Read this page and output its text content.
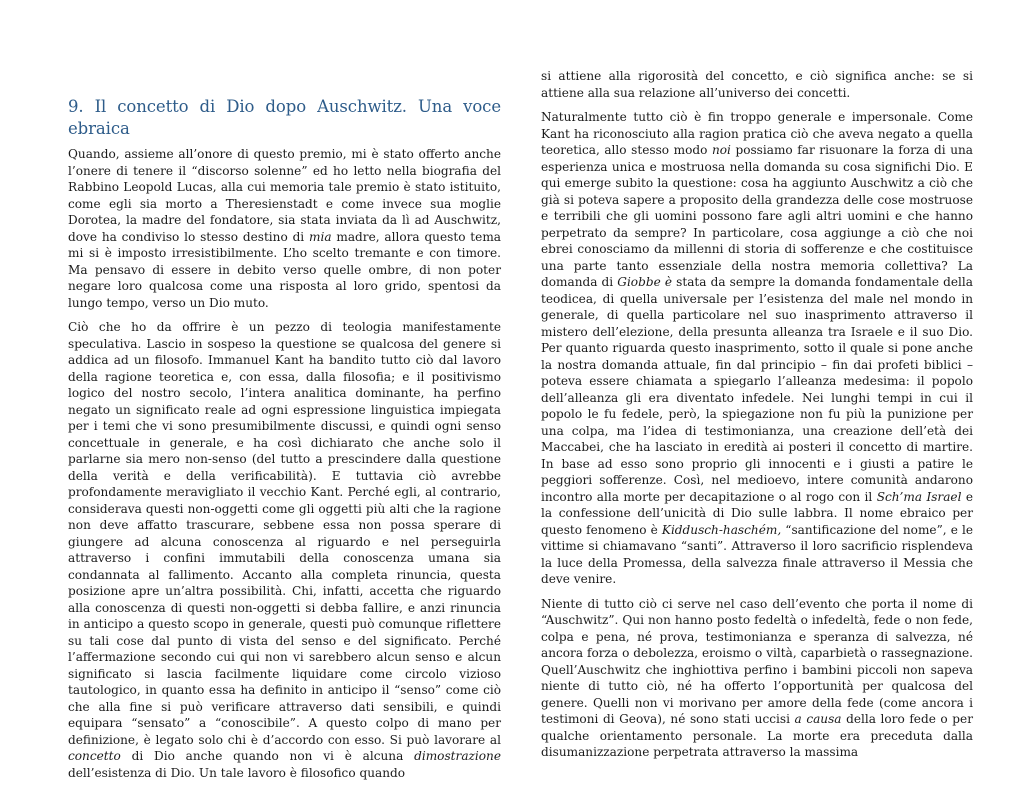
9. Il concetto di Dio dopo Auschwitz. Una voce ebraica

Quando, assieme all’onore di questo premio, mi è stato offerto anche l’onere di tenere il “discorso solenne” ed ho letto nella biografia del Rabbino Leopold Lucas, alla cui memoria tale premio è stato istituito, come egli sia morto a Theresienstadt e come invece sua moglie Dorotea, la madre del fondatore, sia stata inviata da lì ad Auschwitz, dove ha condiviso lo stesso destino di mia madre, allora questo tema mi si è imposto irresistibilmente. L’ho scelto tremante e con timore. Ma pensavo di essere in debito verso quelle ombre, di non poter negare loro qualcosa come una risposta al loro grido, spentosi da lungo tempo, verso un Dio muto.

Ciò che ho da offrire è un pezzo di teologia manifestamente speculativa. Lascio in sospeso la questione se qualcosa del genere si addica ad un filosofo. Immanuel Kant ha bandito tutto ciò dal lavoro della ragione teoretica e, con essa, dalla filosofia; e il positivismo logico del nostro secolo, l’intera analitica dominante, ha perfino negato un significato reale ad ogni espressione linguistica impiegata per i temi che vi sono presumibilmente discussi, e quindi ogni senso concettuale in generale, e ha così dichiarato che anche solo il parlarne sia mero non-senso (del tutto a prescindere dalla questione della verità e della verificabilità). E tuttavia ciò avrebbe profondamente meravigliato il vecchio Kant. Perché egli, al contrario, considerava questi non-oggetti come gli oggetti più alti che la ragione non deve affatto trascurare, sebbene essa non possa sperare di giungere ad alcuna conoscenza al riguardo e nel perseguirla attraverso i confini immutabili della conoscenza umana sia condannata al fallimento. Accanto alla completa rinuncia, questa posizione apre un’altra possibilità. Chi, infatti, accetta che riguardo alla conoscenza di questi non-oggetti si debba fallire, e anzi rinuncia in anticipo a questo scopo in generale, questi può comunque riflettere su tali cose dal punto di vista del senso e del significato. Perché l’affermazione secondo cui qui non vi sarebbero alcun senso e alcun significato si lascia facilmente liquidare come circolo vizioso tautologico, in quanto essa ha definito in anticipo il “senso” come ciò che alla fine si può verificare attraverso dati sensibili, e quindi equipara “sensato” a “conoscibile”. A questo colpo di mano per definizione, è legato solo chi è d’accordo con esso. Si può lavorare al concetto di Dio anche quando non vi è alcuna dimostrazione dell’esistenza di Dio. Un tale lavoro è filosofico quando

si attiene alla rigorosità del concetto, e ciò significa anche: se si attiene alla sua relazione all’universo dei concetti.

Naturalmente tutto ciò è fin troppo generale e impersonale. Come Kant ha riconosciuto alla ragion pratica ciò che aveva negato a quella teoretica, allo stesso modo noi possiamo far risuonare la forza di una esperienza unica e mostruosa nella domanda su cosa significhi Dio. E qui emerge subito la questione: cosa ha aggiunto Auschwitz a ciò che già si poteva sapere a proposito della grandezza delle cose mostruose e terribili che gli uomini possono fare agli altri uomini e che hanno perpetrato da sempre? In particolare, cosa aggiunge a ciò che noi ebrei conosciamo da millenni di storia di sofferenze e che costituisce una parte tanto essenziale della nostra memoria collettiva? La domanda di Giobbe è stata da sempre la domanda fondamentale della teodicea, di quella universale per l’esistenza del male nel mondo in generale, di quella particolare nel suo inasprimento attraverso il mistero dell’elezione, della presunta alleanza tra Israele e il suo Dio. Per quanto riguarda questo inasprimento, sotto il quale si pone anche la nostra domanda attuale, fin dal principio – fin dai profeti biblici – poteva essere chiamata a spiegarlo l’alleanza medesima: il popolo dell’alleanza gli era diventato infedele. Nei lunghi tempi in cui il popolo le fu fedele, però, la spiegazione non fu più la punizione per una colpa, ma l’idea di testimonianza, una creazione dell’età dei Maccabei, che ha lasciato in eredità ai posteri il concetto di martire. In base ad esso sono proprio gli innocenti e i giusti a patire le peggiori sofferenze. Così, nel medioevo, intere comunità andarono incontro alla morte per decapitazione o al rogo con il Sch’ma Israel e la confessione dell’unicità di Dio sulle labbra. Il nome ebraico per questo fenomeno è Kiddusch-haschém, “santificazione del nome”, e le vittime si chiamavano “santi”. Attraverso il loro sacrificio risplendeva la luce della Promessa, della salvezza finale attraverso il Messia che deve venire.

Niente di tutto ciò ci serve nel caso dell’evento che porta il nome di “Auschwitz”. Qui non hanno posto fedeltà o infedeltà, fede o non fede, colpa e pena, né prova, testimonianza e speranza di salvezza, né ancora forza o debolezza, eroismo o viltà, caparbietà o rassegnazione. Quell’Auschwitz che inghiottiva perfino i bambini piccoli non sapeva niente di tutto ciò, né ha offerto l’opportunità per qualcosa del genere. Quelli non vi morivano per amore della fede (come ancora i testimoni di Geova), né sono stati uccisi a causa della loro fede o per qualche orientamento personale. La morte era preceduta dalla disumanizzazione perpetrata attraverso la massima
